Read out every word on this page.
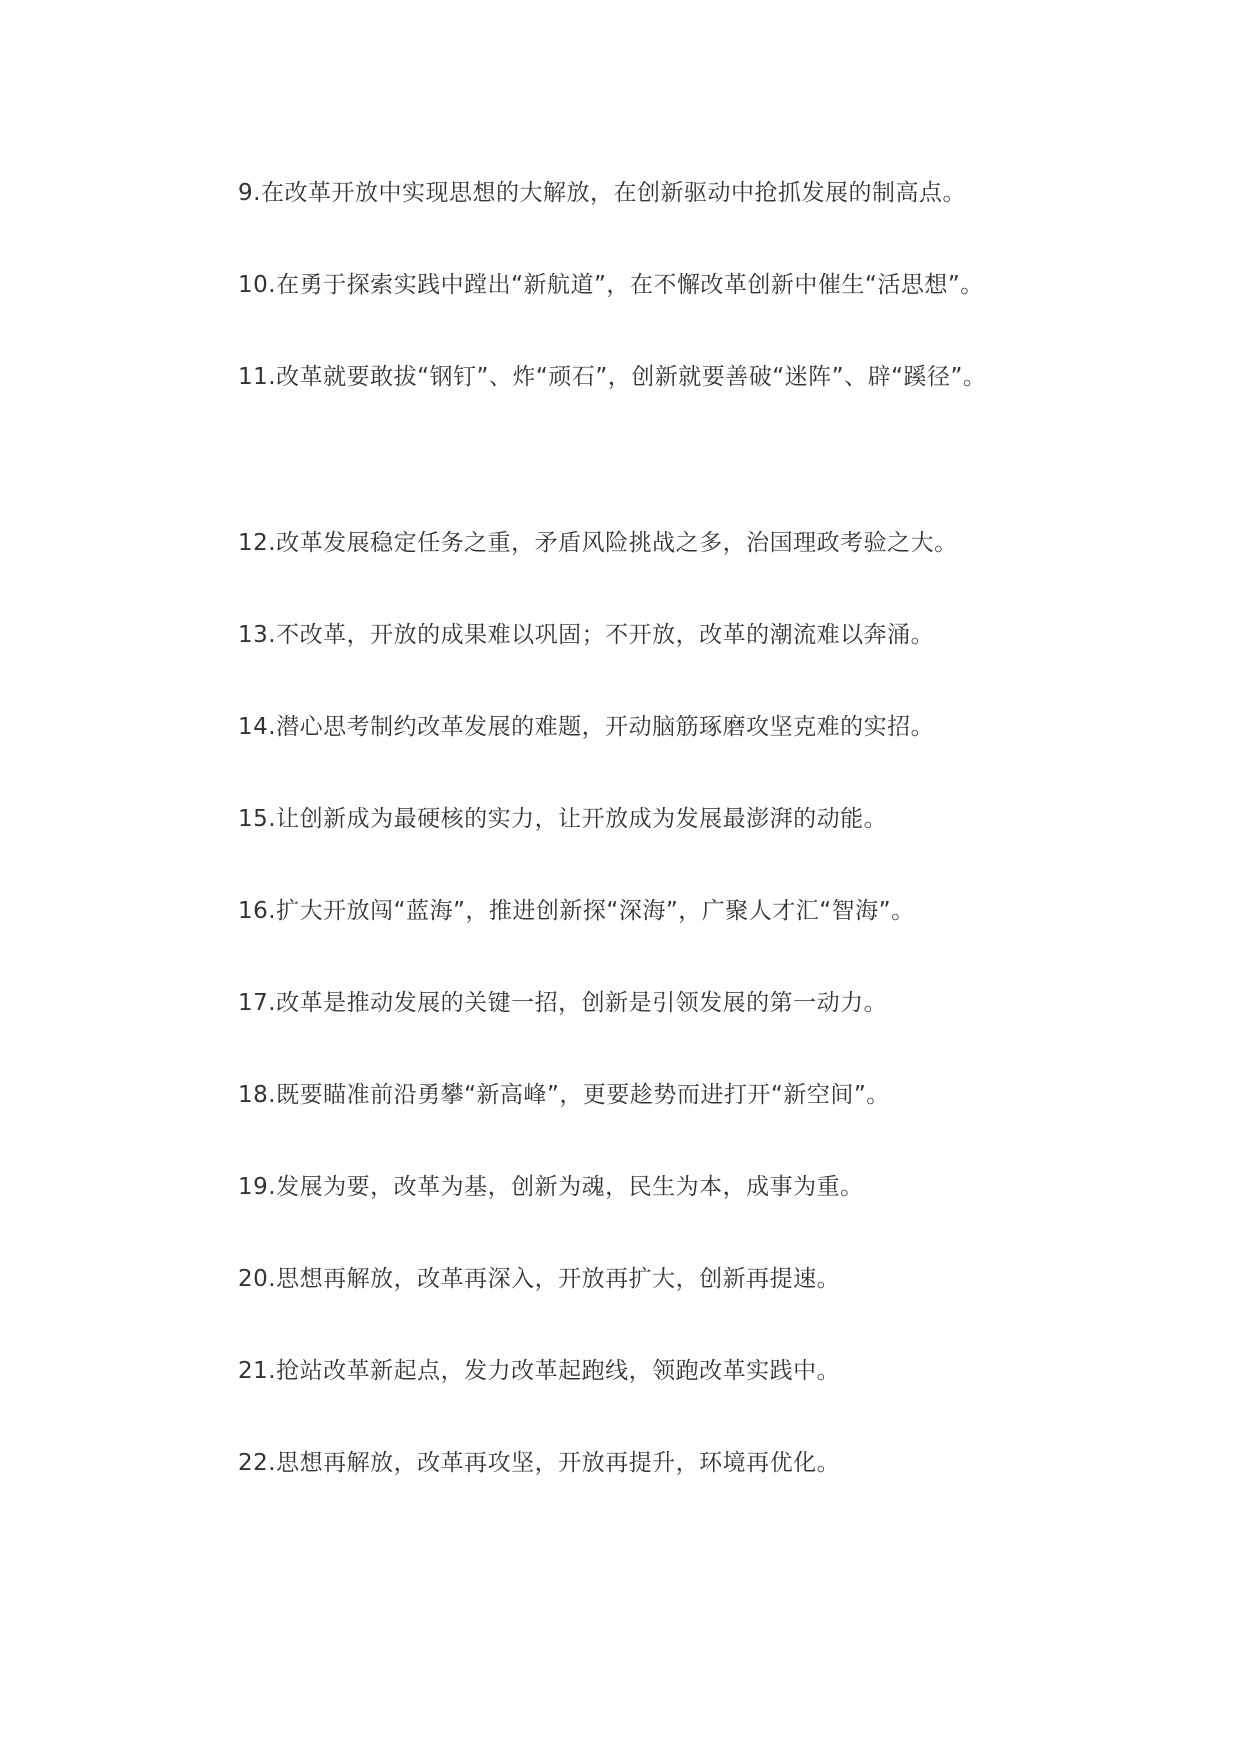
9.在改革开放中实现思想的大解放，在创新驱动中抢抓发展的制高点。

10.在勇于探索实践中蹚出“新航道”，在不懈改革创新中催生“活思想”。

11.改革就要敢拔“钢钉”、炸“顽石”，创新就要善破“迷阵”、辟“蹊径”。

12.改革发展稳定任务之重，矛盾风险挑战之多，治国理政考验之大。

13.不改革，开放的成果难以巩固；不开放，改革的潮流难以奔涌。

14.潜心思考制约改革发展的难题，开动脑筋琢磨攻坚克难的实招。

15.让创新成为最硬核的实力，让开放成为发展最澎湃的动能。

16.扩大开放闯“蓝海”，推进创新探“深海”，广聚人才汇“智海”。

17.改革是推动发展的关键一招，创新是引领发展的第一动力。

18.既要瞄准前沿勇攀“新高峰”，更要趁势而进打开“新空间”。

19.发展为要，改革为基，创新为魂，民生为本，成事为重。

20.思想再解放，改革再深入，开放再扩大，创新再提速。

21.抢站改革新起点，发力改革起跑线，领跑改革实践中。

22.思想再解放，改革再攻坚，开放再提升，环境再优化。
